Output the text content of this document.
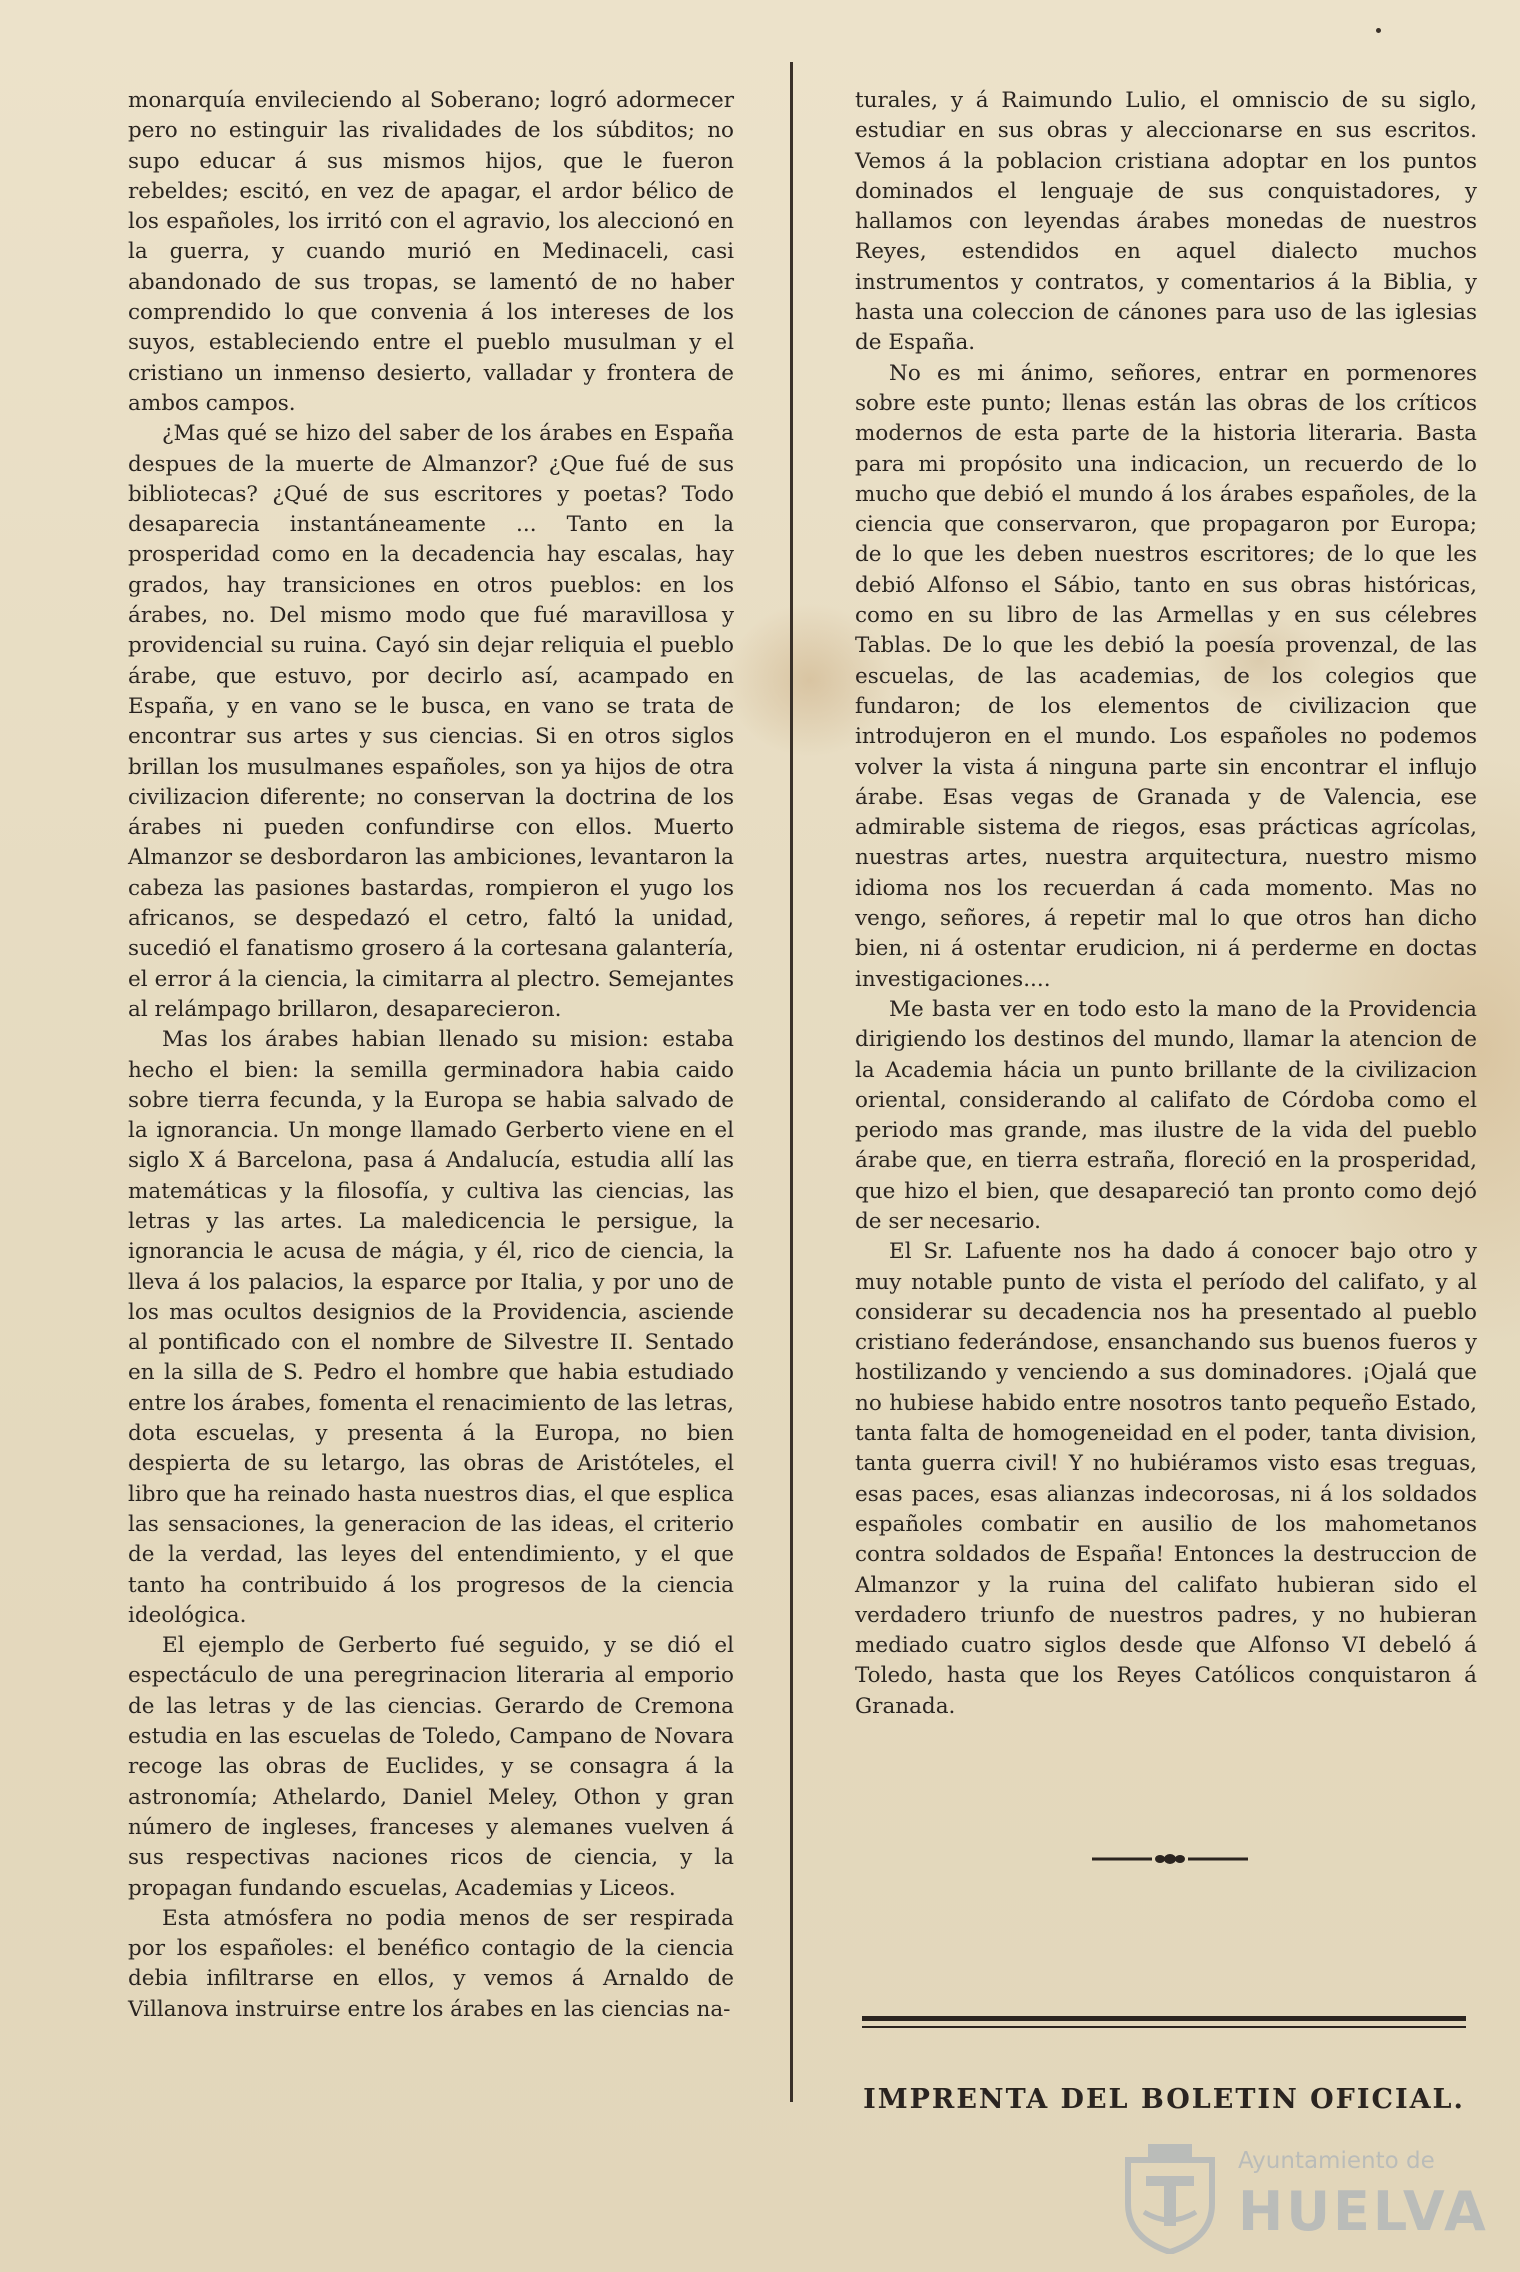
monarquía envileciendo al Soberano; logró adormecer pero no estinguir las rivalidades de los súbditos; no supo educar á sus mismos hijos, que le fueron rebeldes; escitó, en vez de apagar, el ardor bélico de los españoles, los irritó con el agravio, los aleccionó en la guerra, y cuando murió en Medinaceli, casi abandonado de sus tropas, se lamentó de no haber comprendido lo que convenia á los intereses de los suyos, estableciendo entre el pueblo musulman y el cristiano un inmenso desierto, valladar y frontera de ambos campos.

¿Mas qué se hizo del saber de los árabes en España despues de la muerte de Almanzor? ¿Que fué de sus bibliotecas? ¿Qué de sus escritores y poetas? Todo desaparecia instantáneamente ... Tanto en la prosperidad como en la decadencia hay escalas, hay grados, hay transiciones en otros pueblos: en los árabes, no. Del mismo modo que fué maravillosa y providencial su ruina. Cayó sin dejar reliquia el pueblo árabe, que estuvo, por decirlo así, acampado en España, y en vano se le busca, en vano se trata de encontrar sus artes y sus ciencias. Si en otros siglos brillan los musulmanes españoles, son ya hijos de otra civilizacion diferente; no conservan la doctrina de los árabes ni pueden confundirse con ellos. Muerto Almanzor se desbordaron las ambiciones, levantaron la cabeza las pasiones bastardas, rompieron el yugo los africanos, se despedazó el cetro, faltó la unidad, sucedió el fanatismo grosero á la cortesana galantería, el error á la ciencia, la cimitarra al plectro. Semejantes al relámpago brillaron, desaparecieron.

Mas los árabes habian llenado su mision: estaba hecho el bien: la semilla germinadora habia caido sobre tierra fecunda, y la Europa se habia salvado de la ignorancia. Un monge llamado Gerberto viene en el siglo X á Barcelona, pasa á Andalucía, estudia allí las matemáticas y la filosofía, y cultiva las ciencias, las letras y las artes. La maledicencia le persigue, la ignorancia le acusa de mágia, y él, rico de ciencia, la lleva á los palacios, la esparce por Italia, y por uno de los mas ocultos designios de la Providencia, asciende al pontificado con el nombre de Silvestre II. Sentado en la silla de S. Pedro el hombre que habia estudiado entre los árabes, fomenta el renacimiento de las letras, dota escuelas, y presenta á la Europa, no bien despierta de su letargo, las obras de Aristóteles, el libro que ha reinado hasta nuestros dias, el que esplica las sensaciones, la generacion de las ideas, el criterio de la verdad, las leyes del entendimiento, y el que tanto ha contribuido á los progresos de la ciencia ideológica.

El ejemplo de Gerberto fué seguido, y se dió el espectáculo de una peregrinacion literaria al emporio de las letras y de las ciencias. Gerardo de Cremona estudia en las escuelas de Toledo, Campano de Novara recoge las obras de Euclides, y se consagra á la astronomía; Athelardo, Daniel Meley, Othon y gran número de ingleses, franceses y alemanes vuelven á sus respectivas naciones ricos de ciencia, y la propagan fundando escuelas, Academias y Liceos.

Esta atmósfera no podia menos de ser respirada por los españoles: el benéfico contagio de la ciencia debia infiltrarse en ellos, y vemos á Arnaldo de Villanova instruirse entre los árabes en las ciencias na-

turales, y á Raimundo Lulio, el omniscio de su siglo, estudiar en sus obras y aleccionarse en sus escritos. Vemos á la poblacion cristiana adoptar en los puntos dominados el lenguaje de sus conquistadores, y hallamos con leyendas árabes monedas de nuestros Reyes, estendidos en aquel dialecto muchos instrumentos y contratos, y comentarios á la Biblia, y hasta una coleccion de cánones para uso de las iglesias de España.

No es mi ánimo, señores, entrar en pormenores sobre este punto; llenas están las obras de los críticos modernos de esta parte de la historia literaria. Basta para mi propósito una indicacion, un recuerdo de lo mucho que debió el mundo á los árabes españoles, de la ciencia que conservaron, que propagaron por Europa; de lo que les deben nuestros escritores; de lo que les debió Alfonso el Sábio, tanto en sus obras históricas, como en su libro de las Armellas y en sus célebres Tablas. De lo que les debió la poesía provenzal, de las escuelas, de las academias, de los colegios que fundaron; de los elementos de civilizacion que introdujeron en el mundo. Los españoles no podemos volver la vista á ninguna parte sin encontrar el influjo árabe. Esas vegas de Granada y de Valencia, ese admirable sistema de riegos, esas prácticas agrícolas, nuestras artes, nuestra arquitectura, nuestro mismo idioma nos los recuerdan á cada momento. Mas no vengo, señores, á repetir mal lo que otros han dicho bien, ni á ostentar erudicion, ni á perderme en doctas investigaciones....

Me basta ver en todo esto la mano de la Providencia dirigiendo los destinos del mundo, llamar la atencion de la Academia hácia un punto brillante de la civilizacion oriental, considerando al califato de Córdoba como el periodo mas grande, mas ilustre de la vida del pueblo árabe que, en tierra estraña, floreció en la prosperidad, que hizo el bien, que desapareció tan pronto como dejó de ser necesario.

El Sr. Lafuente nos ha dado á conocer bajo otro y muy notable punto de vista el período del califato, y al considerar su decadencia nos ha presentado al pueblo cristiano federándose, ensanchando sus buenos fueros y hostilizando y venciendo a sus dominadores. ¡Ojalá que no hubiese habido entre nosotros tanto pequeño Estado, tanta falta de homogeneidad en el poder, tanta division, tanta guerra civil! Y no hubiéramos visto esas treguas, esas paces, esas alianzas indecorosas, ni á los soldados españoles combatir en ausilio de los mahometanos contra soldados de España! Entonces la destruccion de Almanzor y la ruina del califato hubieran sido el verdadero triunfo de nuestros padres, y no hubieran mediado cuatro siglos desde que Alfonso VI debeló á Toledo, hasta que los Reyes Católicos conquistaron á Granada.

IMPRENTA DEL BOLETIN OFICIAL.
Ayuntamiento de
HUELVA
